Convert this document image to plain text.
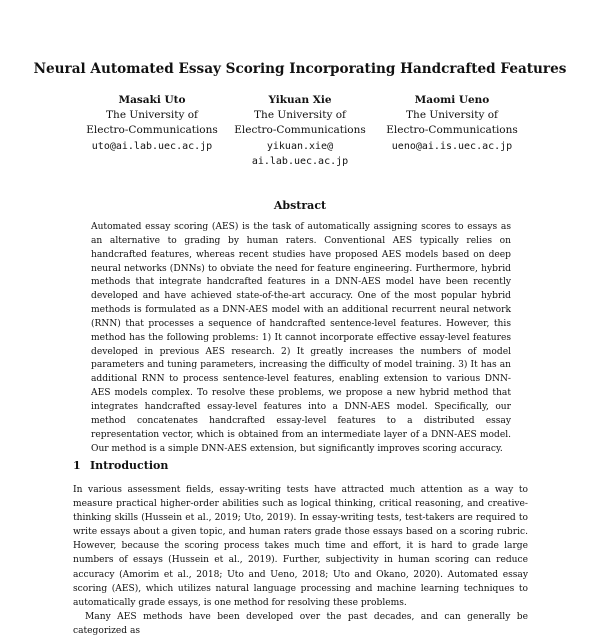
Neural Automated Essay Scoring Incorporating Handcrafted Features
Masaki Uto
The University of
Electro-Communications
uto@ai.lab.uec.ac.jp
Yikuan Xie
The University of
Electro-Communications
yikuan.xie@
ai.lab.uec.ac.jp
Maomi Ueno
The University of
Electro-Communications
ueno@ai.is.uec.ac.jp
Abstract
Automated essay scoring (AES) is the task of automatically assigning scores to essays as an alternative to grading by human raters. Conventional AES typically relies on handcrafted features, whereas recent studies have proposed AES models based on deep neural networks (DNNs) to obviate the need for feature engineering. Furthermore, hybrid methods that integrate handcrafted features in a DNN-AES model have been recently developed and have achieved state-of-the-art accuracy. One of the most popular hybrid methods is formulated as a DNN-AES model with an additional recurrent neural network (RNN) that processes a sequence of handcrafted sentence-level features. However, this method has the following problems: 1) It cannot incorporate effective essay-level features developed in previous AES research. 2) It greatly increases the numbers of model parameters and tuning parameters, increasing the difficulty of model training. 3) It has an additional RNN to process sentence-level features, enabling extension to various DNN-AES models complex. To resolve these problems, we propose a new hybrid method that integrates handcrafted essay-level features into a DNN-AES model. Specifically, our method concatenates handcrafted essay-level features to a distributed essay representation vector, which is obtained from an intermediate layer of a DNN-AES model. Our method is a simple DNN-AES extension, but significantly improves scoring accuracy.
1 Introduction

In various assessment fields, essay-writing tests have attracted much attention as a way to measure practical higher-order abilities such as logical thinking, critical reasoning, and creative-thinking skills (Hussein et al., 2019; Uto, 2019). In essay-writing tests, test-takers are required to write essays about a given topic, and human raters grade those essays based on a scoring rubric. However, because the scoring process takes much time and effort, it is hard to grade large numbers of essays (Hussein et al., 2019). Further, subjectivity in human scoring can reduce accuracy (Amorim et al., 2018; Uto and Ueno, 2018; Uto and Okano, 2020). Automated essay scoring (AES), which utilizes natural language processing and machine learning techniques to automatically grade essays, is one method for resolving these problems.

Many AES methods have been developed over the past decades, and can generally be categorized as
